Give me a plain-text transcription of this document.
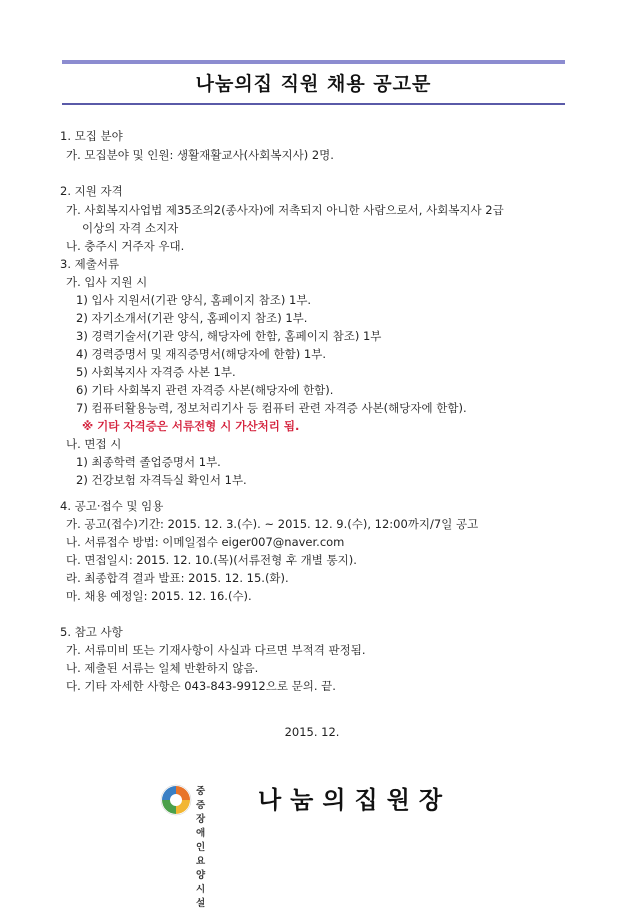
나눔의집 직원 채용 공고문
1. 모집 분야
가. 모집분야 및 인원: 생활재활교사(사회복지사) 2명.
2. 지원 자격
가. 사회복지사업법 제35조의2(종사자)에 저촉되지 아니한 사람으로서, 사회복지사 2급
이상의 자격 소지자
나. 충주시 거주자 우대.
3. 제출서류
가. 입사 지원 시
1) 입사 지원서(기관 양식, 홈페이지 참조) 1부.
2) 자기소개서(기관 양식, 홈페이지 참조) 1부.
3) 경력기술서(기관 양식, 해당자에 한함, 홈페이지 참조) 1부
4) 경력증명서 및 재직증명서(해당자에 한함) 1부.
5) 사회복지사 자격증 사본 1부.
6) 기타 사회복지 관련 자격증 사본(해당자에 한함).
7) 컴퓨터활용능력, 정보처리기사 등 컴퓨터 관련 자격증 사본(해당자에 한함).
※ 기타 자격증은 서류전형 시 가산처리 됨.
나. 면접 시
1) 최종학력 졸업증명서 1부.
2) 건강보험 자격득실 확인서 1부.
4. 공고·접수 및 임용
가. 공고(접수)기간: 2015. 12. 3.(수). ~ 2015. 12. 9.(수), 12:00까지/7일 공고
나. 서류접수 방법: 이메일접수 eiger007@naver.com
다. 면접일시: 2015. 12. 10.(목)(서류전형 후 개별 통지).
라. 최종합격 결과 발표: 2015. 12. 15.(화).
마. 채용 예정일: 2015. 12. 16.(수).
5. 참고 사항
가. 서류미비 또는 기재사항이 사실과 다르면 부적격 판정됨.
나. 제출된 서류는 일체 반환하지 않음.
다. 기타 자세한 사항은 043-843-9912으로 문의. 끝.
2015. 12.
중증장애인
요 양 시 설
나눔의집원장
